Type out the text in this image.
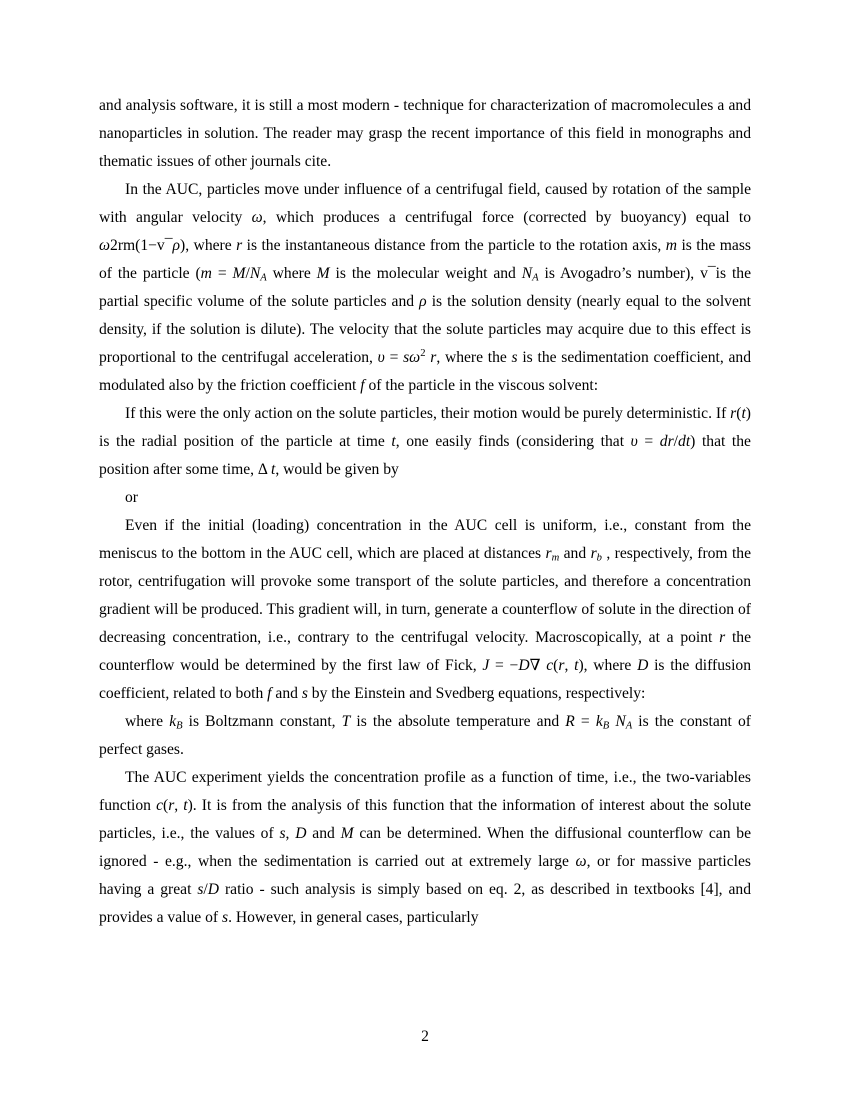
and analysis software, it is still a most modern - technique for characterization of macromolecules a and nanoparticles in solution. The reader may grasp the recent importance of this field in monographs and thematic issues of other journals cite.

In the AUC, particles move under influence of a centrifugal field, caused by rotation of the sample with angular velocity ω, which produces a centrifugal force (corrected by buoyancy) equal to ω2rm(1−v¯ρ), where r is the instantaneous distance from the particle to the rotation axis, m is the mass of the particle ($m = M/N_A$ where M is the molecular weight and $N_A$ is Avogadro’s number), v¯is the partial specific volume of the solute particles and ρ is the solution density (nearly equal to the solvent density, if the solution is dilute). The velocity that the solute particles may acquire due to this effect is proportional to the centrifugal acceleration, $\upsilon = s\omega^2$ r, where the s is the sedimentation coefficient, and modulated also by the friction coefficient f of the particle in the viscous solvent:

If this were the only action on the solute particles, their motion would be purely deterministic. If r(t) is the radial position of the particle at time t, one easily finds (considering that υ = dr/dt) that the position after some time, Δ t, would be given by

or

Even if the initial (loading) concentration in the AUC cell is uniform, i.e., constant from the meniscus to the bottom in the AUC cell, which are placed at distances $r_m$ and $r_b$ , respectively, from the rotor, centrifugation will provoke some transport of the solute particles, and therefore a concentration gradient will be produced. This gradient will, in turn, generate a counterflow of solute in the direction of decreasing concentration, i.e., contrary to the centrifugal velocity. Macroscopically, at a point r the counterflow would be determined by the first law of Fick, J = −D∇ c(r, t), where D is the diffusion coefficient, related to both f and s by the Einstein and Svedberg equations, respectively:

where $k_B$ is Boltzmann constant, T is the absolute temperature and $R = k_B$ $N_A$ is the constant of perfect gases.

The AUC experiment yields the concentration profile as a function of time, i.e., the two-variables function c(r, t). It is from the analysis of this function that the information of interest about the solute particles, i.e., the values of s, D and M can be determined. When the diffusional counterflow can be ignored - e.g., when the sedimentation is carried out at extremely large ω, or for massive particles having a great s/D ratio - such analysis is simply based on eq. 2, as described in textbooks [4], and provides a value of s. However, in general cases, particularly

2
